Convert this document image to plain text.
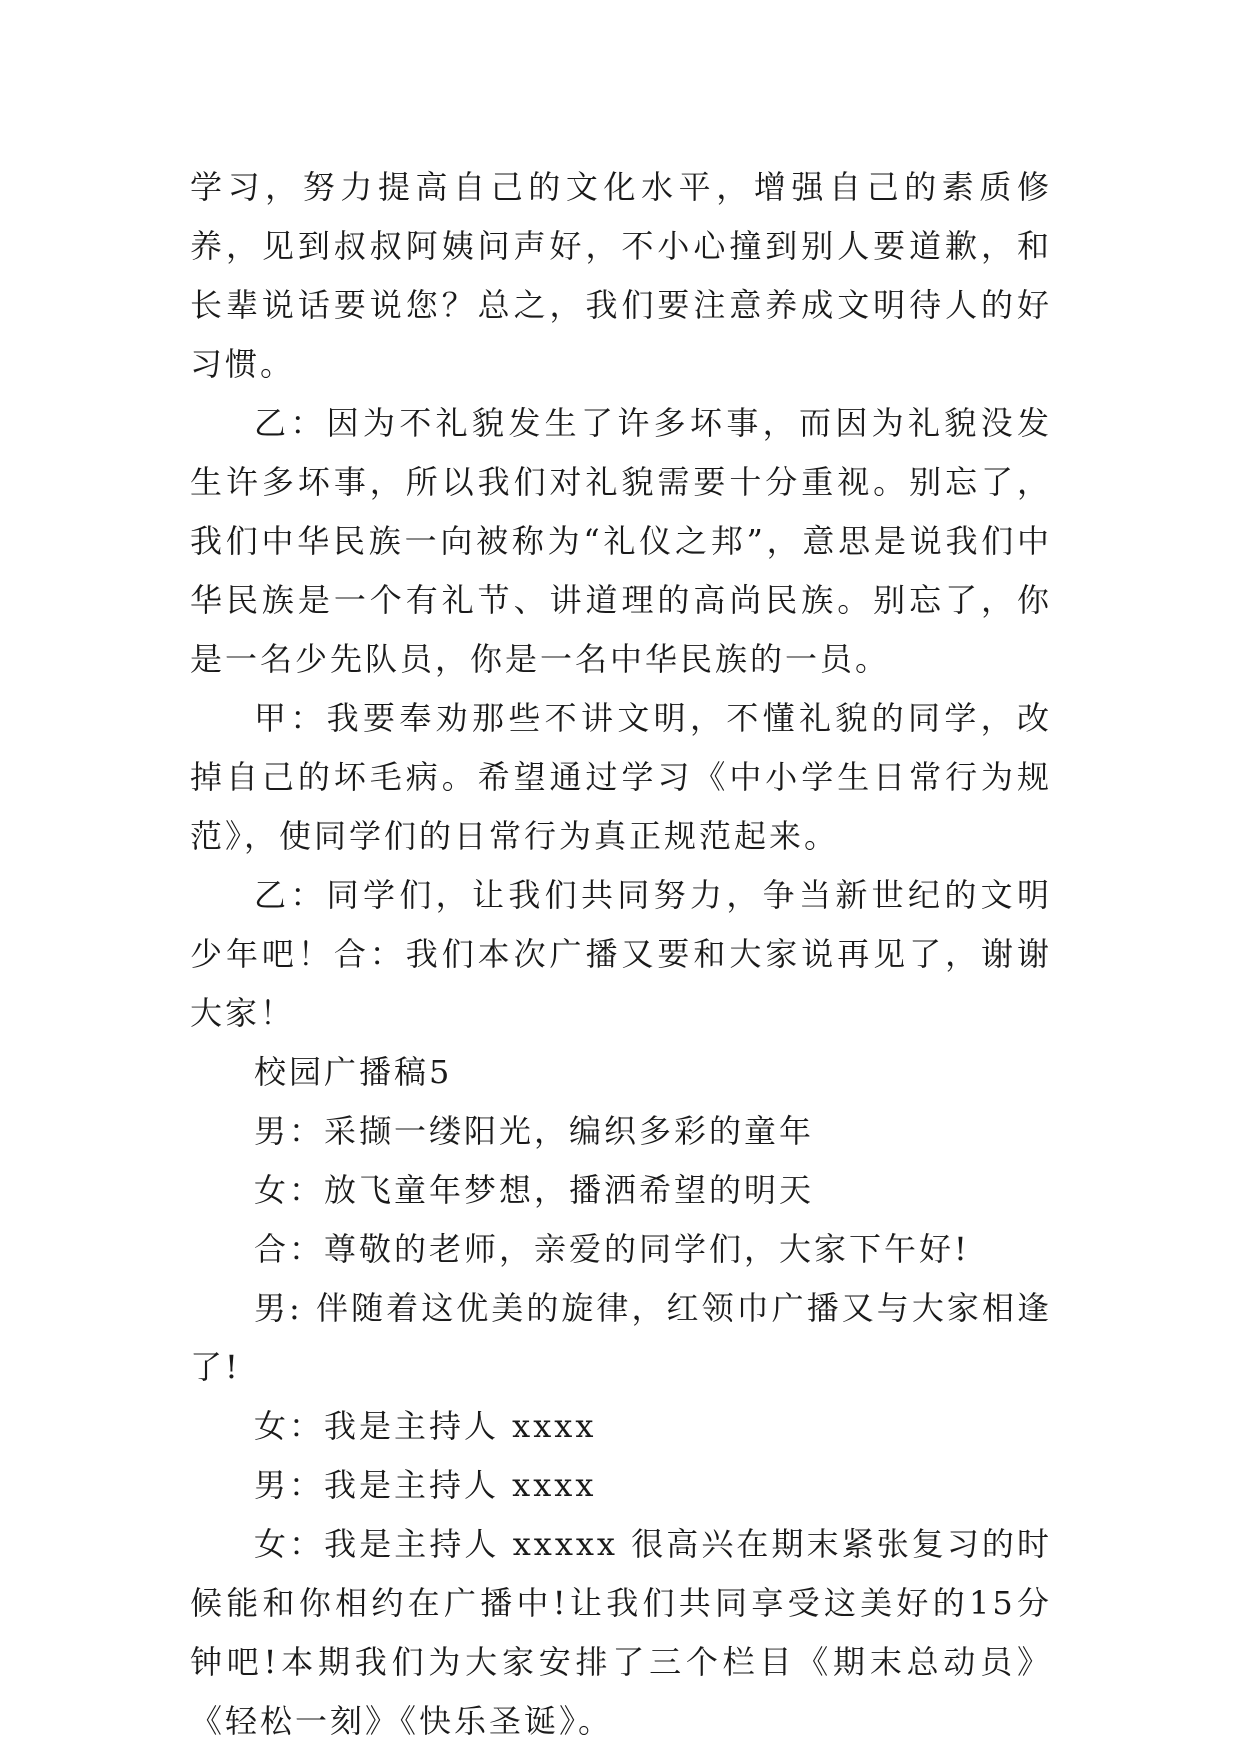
学习，努力提高自己的文化水平，增强自己的素质修养，见到叔叔阿姨问声好，不小心撞到别人要道歉，和长辈说话要说您？总之，我们要注意养成文明待人的好习惯。

乙：因为不礼貌发生了许多坏事，而因为礼貌没发生许多坏事，所以我们对礼貌需要十分重视。别忘了，我们中华民族一向被称为“礼仪之邦”，意思是说我们中华民族是一个有礼节、讲道理的高尚民族。别忘了，你是一名少先队员，你是一名中华民族的一员。

甲：我要奉劝那些不讲文明，不懂礼貌的同学，改掉自己的坏毛病。希望通过学习《中小学生日常行为规范》，使同学们的日常行为真正规范起来。

乙：同学们，让我们共同努力，争当新世纪的文明少年吧！合：我们本次广播又要和大家说再见了，谢谢大家！

校园广播稿5

男：采撷一缕阳光，编织多彩的童年

女：放飞童年梦想，播洒希望的明天

合：尊敬的老师，亲爱的同学们，大家下午好!

男: 伴随着这优美的旋律，红领巾广播又与大家相逢了!

女：我是主持人 xxxx

男：我是主持人 xxxx

女：我是主持人 xxxxx 很高兴在期末紧张复习的时候能和你相约在广播中!让我们共同享受这美好的15分钟吧!本期我们为大家安排了三个栏目《期末总动员》《轻松一刻》《快乐圣诞》。
